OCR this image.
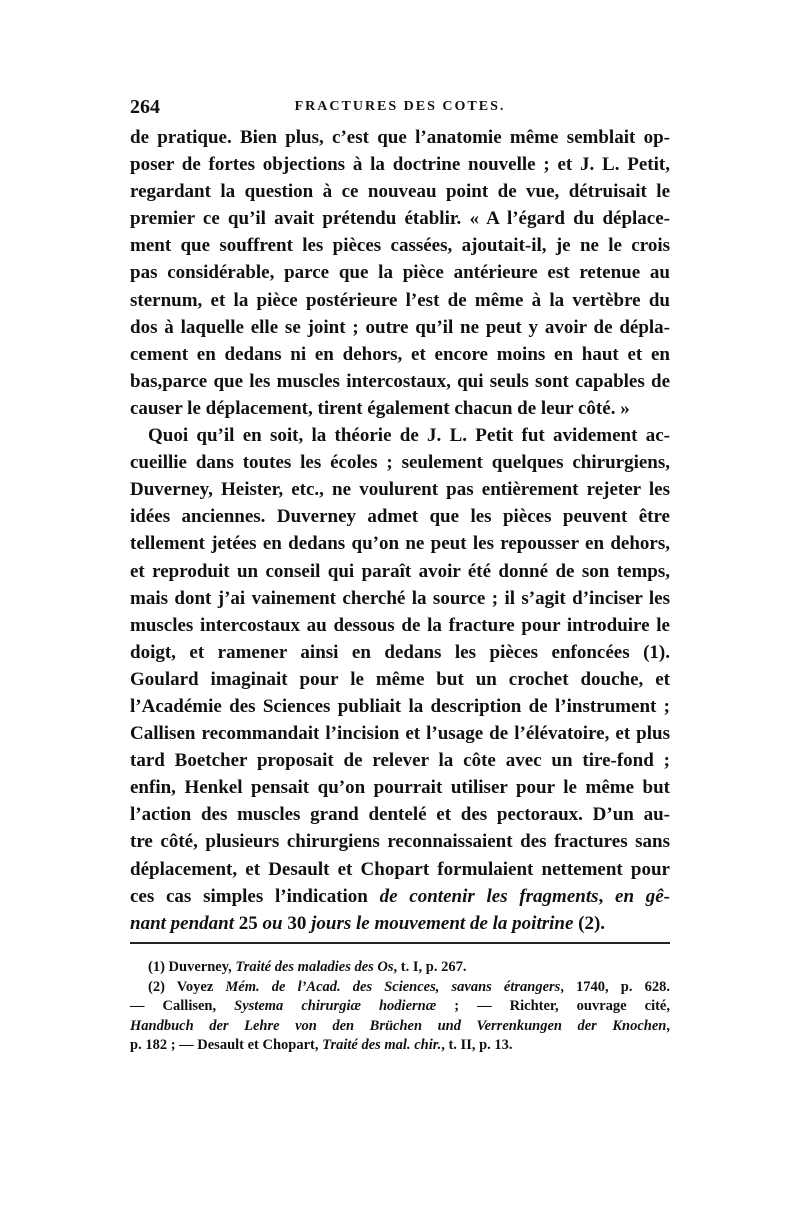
264	FRACTURES DES COTES.
de pratique. Bien plus, c’est que l’anatomie même semblait op-
poser de fortes objections à la doctrine nouvelle ; et J. L. Petit,
regardant la question à ce nouveau point de vue, détruisait le
premier ce qu’il avait prétendu établir. « A l’égard du déplace-
ment que souffrent les pièces cassées, ajoutait-il, je ne le crois
pas considérable, parce que la pièce antérieure est retenue au
sternum, et la pièce postérieure l’est de même à la vertèbre du
dos à laquelle elle se joint ; outre qu’il ne peut y avoir de dépla-
cement en dedans ni en dehors, et encore moins en haut et en
bas,parce que les muscles intercostaux, qui seuls sont capables de
causer le déplacement, tirent également chacun de leur côté. »
Quoi qu’il en soit, la théorie de J. L. Petit fut avidement ac-
cueillie dans toutes les écoles ; seulement quelques chirurgiens,
Duverney, Heister, etc., ne voulurent pas entièrement rejeter les
idées anciennes. Duverney admet que les pièces peuvent être
tellement jetées en dedans qu’on ne peut les repousser en dehors,
et reproduit un conseil qui paraît avoir été donné de son temps,
mais dont j’ai vainement cherché la source ; il s’agit d’inciser les
muscles intercostaux au dessous de la fracture pour introduire le
doigt, et ramener ainsi en dedans les pièces enfoncées (1).
Goulard imaginait pour le même but un crochet douche, et
l’Académie des Sciences publiait la description de l’instrument ;
Callisen recommandait l’incision et l’usage de l’élévatoire, et plus
tard Boetcher proposait de relever la côte avec un tire-fond ;
enfin, Henkel pensait qu’on pourrait utiliser pour le même but
l’action des muscles grand dentelé et des pectoraux. D’un au-
tre côté, plusieurs chirurgiens reconnaissaient des fractures sans
déplacement, et Desault et Chopart formulaient nettement pour
ces cas simples l’indication de contenir les fragments, en gê-
nant pendant 25 ou 30 jours le mouvement de la poitrine (2).
(1) Duverney, Traité des maladies des Os, t. I, p. 267.
(2) Voyez Mém. de l’Acad. des Sciences, savans étrangers, 1740, p. 628.
— Callisen, Systema chirurgiæ hodiernæ ; — Richter, ouvrage cité,
Handbuch der Lehre von den Brüchen und Verrenkungen der Knochen,
p. 182 ; — Desault et Chopart, Traité des mal. chir., t. II, p. 13.
